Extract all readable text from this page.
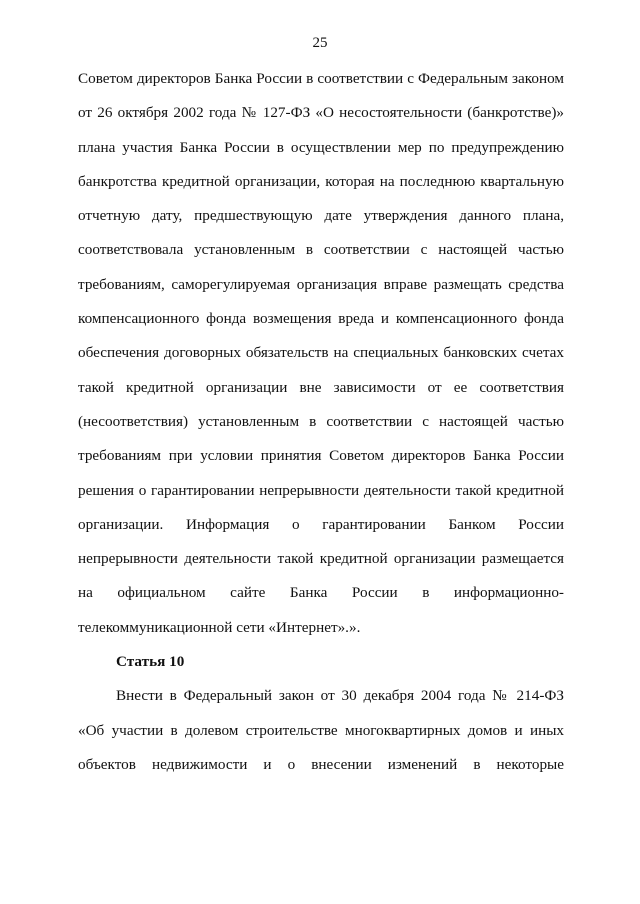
25
Советом директоров Банка России в соответствии с Федеральным законом
от 26 октября 2002 года № 127-ФЗ «О несостоятельности (банкротстве)»
плана участия Банка России в осуществлении мер по предупреждению
банкротства кредитной организации, которая на последнюю квартальную
отчетную дату, предшествующую дате утверждения данного плана,
соответствовала установленным в соответствии с настоящей частью
требованиям, саморегулируемая организация вправе размещать средства
компенсационного фонда возмещения вреда и компенсационного фонда
обеспечения договорных обязательств на специальных банковских счетах
такой кредитной организации вне зависимости от ее соответствия
(несоответствия) установленным в соответствии с настоящей частью
требованиям при условии принятия Советом директоров Банка России
решения о гарантировании непрерывности деятельности такой кредитной
организации. Информация о гарантировании Банком России
непрерывности деятельности такой кредитной организации размещается
на официальном сайте Банка России в информационно-
телекоммуникационной сети «Интернет».».
Статья 10
Внести в Федеральный закон от 30 декабря 2004 года № 214-ФЗ
«Об участии в долевом строительстве многоквартирных домов и иных
объектов недвижимости и о внесении изменений в некоторые
